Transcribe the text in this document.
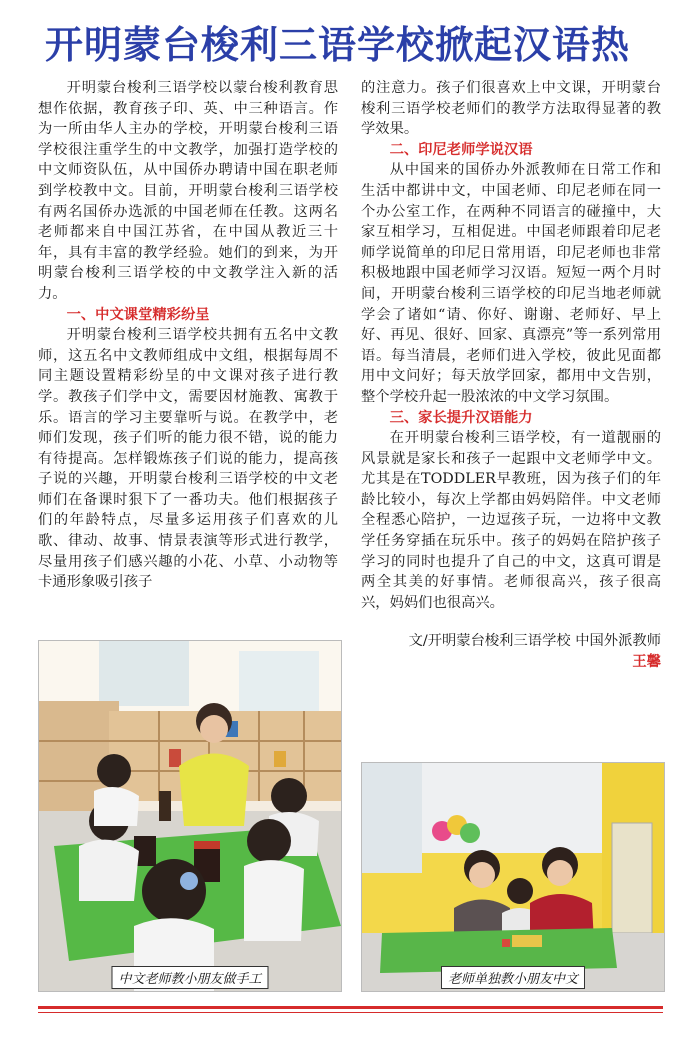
开明蒙台梭利三语学校掀起汉语热

开明蒙台梭利三语学校以蒙台梭利教育思想作依据，教育孩子印、英、中三种语言。作为一所由华人主办的学校，开明蒙台梭利三语学校很注重学生的中文教学，加强打造学校的中文师资队伍，从中国侨办聘请中国在职老师到学校教中文。目前，开明蒙台梭利三语学校有两名国侨办选派的中国老师在任教。这两名老师都来自中国江苏省，在中国从教近三十年，具有丰富的教学经验。她们的到来，为开明蒙台梭利三语学校的中文教学注入新的活力。

一、中文课堂精彩纷呈

开明蒙台梭利三语学校共拥有五名中文教师，这五名中文教师组成中文组，根据每周不同主题设置精彩纷呈的中文课对孩子进行教学。教孩子们学中文，需要因材施教、寓教于乐。语言的学习主要靠听与说。在教学中，老师们发现，孩子们听的能力很不错，说的能力有待提高。怎样锻炼孩子们说的能力，提高孩子说的兴趣，开明蒙台梭利三语学校的中文老师们在备课时狠下了一番功夫。他们根据孩子们的年龄特点，尽量多运用孩子们喜欢的儿歌、律动、故事、情景表演等形式进行教学，尽量用孩子们感兴趣的小花、小草、小动物等卡通形象吸引孩子

的注意力。孩子们很喜欢上中文课，开明蒙台梭利三语学校老师们的教学方法取得显著的教学效果。

二、印尼老师学说汉语

从中国来的国侨办外派教师在日常工作和生活中都讲中文，中国老师、印尼老师在同一个办公室工作，在两种不同语言的碰撞中，大家互相学习，互相促进。中国老师跟着印尼老师学说简单的印尼日常用语，印尼老师也非常积极地跟中国老师学习汉语。短短一两个月时间，开明蒙台梭利三语学校的印尼当地老师就学会了诸如“请、你好、谢谢、老师好、早上好、再见、很好、回家、真漂亮”等一系列常用语。每当清晨，老师们进入学校，彼此见面都用中文问好；每天放学回家，都用中文告别，整个学校升起一股浓浓的中文学习氛围。

三、家长提升汉语能力

在开明蒙台梭利三语学校，有一道靓丽的风景就是家长和孩子一起跟中文老师学中文。尤其是在TODDLER早教班，因为孩子们的年龄比较小，每次上学都由妈妈陪伴。中文老师全程悉心陪护，一边逗孩子玩，一边将中文教学任务穿插在玩乐中。孩子的妈妈在陪护孩子学习的同时也提升了自己的中文，这真可谓是两全其美的好事情。老师很高兴，孩子很高兴，妈妈们也很高兴。

文/开明蒙台梭利三语学校 中国外派教师
王馨
中文老师教小朋友做手工	老师单独教小朋友中文
